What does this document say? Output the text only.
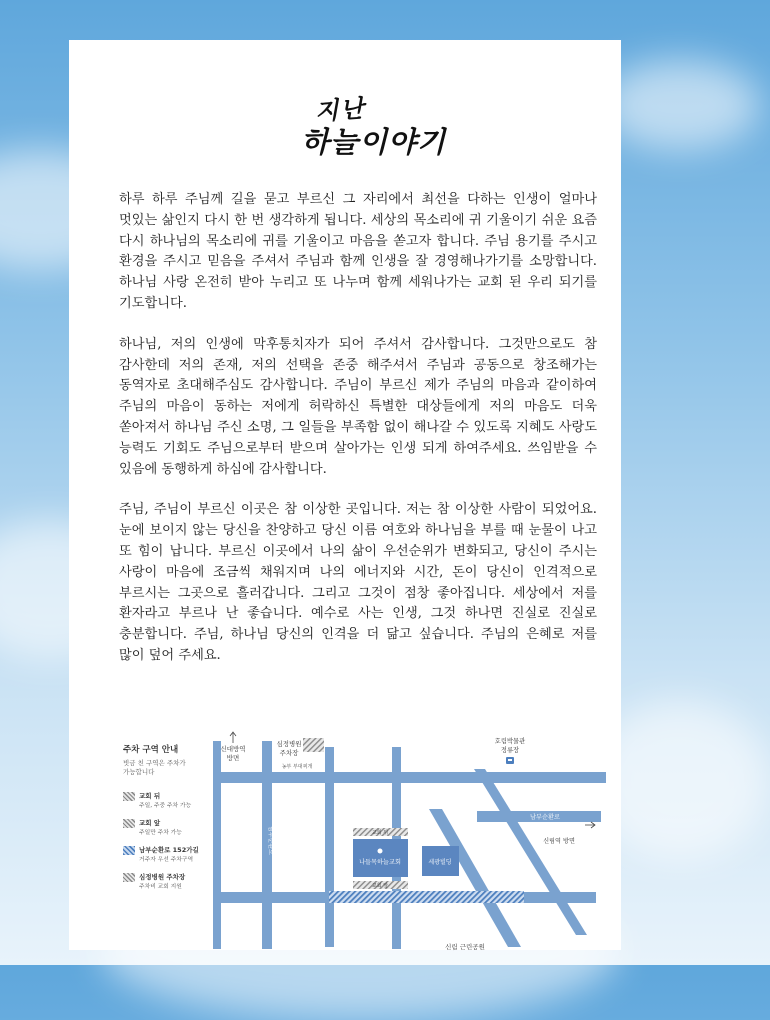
지난
하늘이야기

하루 하루 주님께 길을 묻고 부르신 그 자리에서 최선을 다하는 인생이 얼마나 멋있는 삶인지 다시 한 번 생각하게 됩니다. 세상의 목소리에 귀 기울이기 쉬운 요즘 다시 하나님의 목소리에 귀를 기울이고 마음을 쏟고자 합니다. 주님 용기를 주시고 환경을 주시고 믿음을 주셔서 주님과 함께 인생을 잘 경영해나가기를 소망합니다. 하나님 사랑 온전히 받아 누리고 또 나누며 함께 세워나가는 교회 된 우리 되기를 기도합니다.

하나님, 저의 인생에 막후통치자가 되어 주셔서 감사합니다. 그것만으로도 참 감사한데 저의 존재, 저의 선택을 존중 해주셔서 주님과 공동으로 창조해가는 동역자로 초대해주심도 감사합니다. 주님이 부르신 제가 주님의 마음과 같이하여 주님의 마음이 동하는 저에게 허락하신 특별한 대상들에게 저의 마음도 더욱 쏟아져서 하나님 주신 소명, 그 일들을 부족함 없이 해나갈 수 있도록 지혜도 사랑도 능력도 기회도 주님으로부터 받으며 살아가는 인생 되게 하여주세요. 쓰임받을 수 있음에 동행하게 하심에 감사합니다.

주님, 주님이 부르신 이곳은 참 이상한 곳입니다. 저는 참 이상한 사람이 되었어요. 눈에 보이지 않는 당신을 찬양하고 당신 이름 여호와 하나님을 부를 때 눈물이 나고 또 힘이 납니다. 부르신 이곳에서 나의 삶이 우선순위가 변화되고, 당신이 주시는 사랑이 마음에 조금씩 채워지며 나의 에너지와 시간, 돈이 당신이 인격적으로 부르시는 그곳으로 흘러갑니다. 그리고 그것이 점창 좋아집니다. 세상에서 저를 환자라고 부르나 난 좋습니다. 예수로 사는 인생, 그것 하나면 진실로 진실로 충분합니다. 주님, 하나님 당신의 인격을 더 닮고 싶습니다. 주님의 은혜로 저를 많이 덮어 주세요.

주차 구역 안내
빗금 친 구역은 주차가 가능합니다
교회 뒤
주일, 주중 주차 가능
교회 앞
주일만 주차 가능
남부순환로 152가길
거주자 우선 주차구역
심정병원 주차장
주차비 교회 지원
신대방역
방면
심정병원
주차장
농부 부대찌개
남부순환로	교회 뒤
교회 앞
나들목하늘교회	세광빌딩
호림박물관
정류장
남부순환로
신림역 방면
신림 근린공원
